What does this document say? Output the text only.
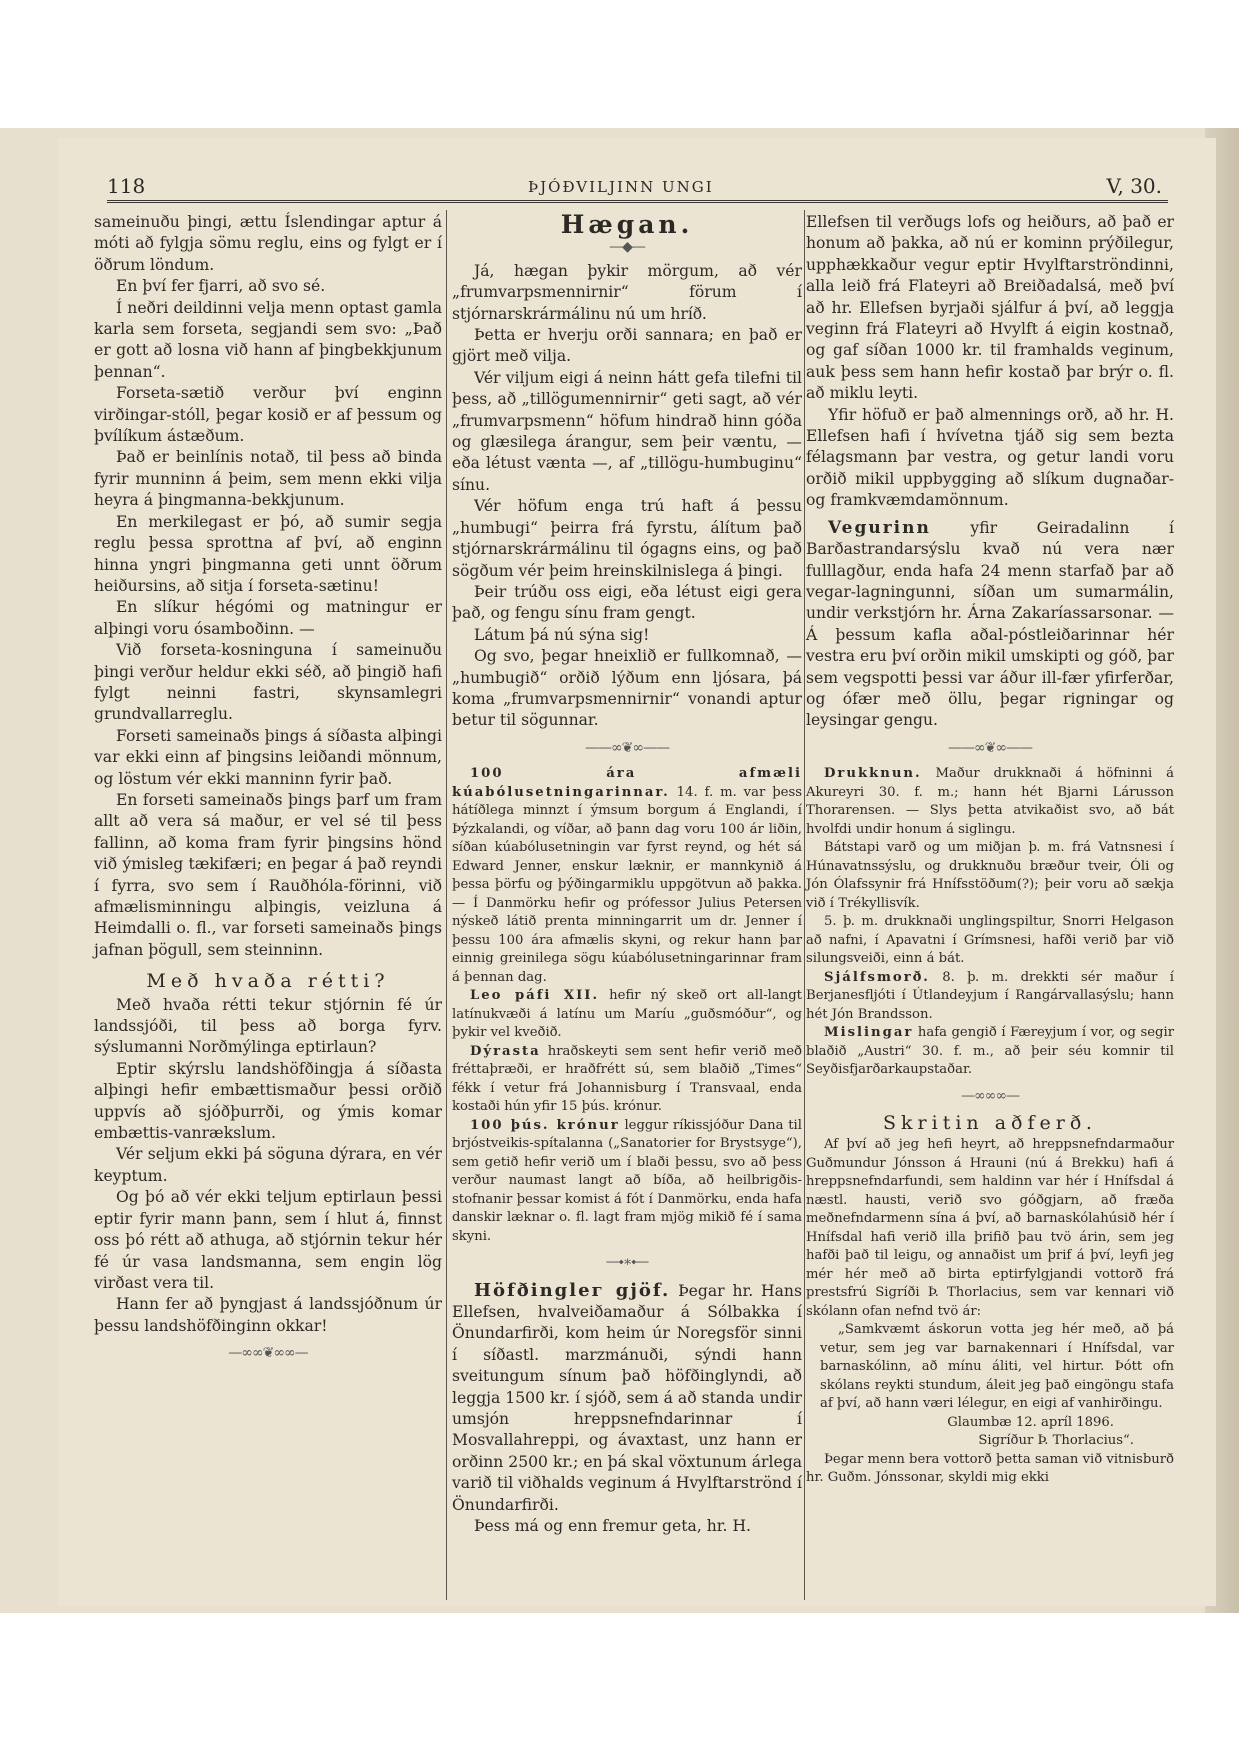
118	ÞJÓÐVILJINN UNGI	V, 30.

sameinuðu þingi, ættu Íslendingar aptur á móti að fylgja sömu reglu, eins og fylgt er í öðrum löndum.

En því fer fjarri, að svo sé.

Í neðri deildinni velja menn optast gamla karla sem forseta, segjandi sem svo: „Það er gott að losna við hann af þingbekkjunum þennan“.

Forseta-sætið verður því enginn virðingar-stóll, þegar kosið er af þessum og þvílíkum ástæðum.

Það er beinlínis notað, til þess að binda fyrir munninn á þeim, sem menn ekki vilja heyra á þingmanna-bekkjunum.

En merkilegast er þó, að sumir segja reglu þessa sprottna af því, að enginn hinna yngri þingmanna geti unnt öðrum heiðursins, að sitja í forseta-sætinu!

En slíkur hégómi og matningur er alþingi voru ósamboðinn. —

Við forseta-kosninguna í sameinuðu þingi verður heldur ekki séð, að þingið hafi fylgt neinni fastri, skynsamlegri grundvallarreglu.

Forseti sameinaðs þings á síðasta alþingi var ekki einn af þingsins leiðandi mönnum, og löstum vér ekki manninn fyrir það.

En forseti sameinaðs þings þarf um fram allt að vera sá maður, er vel sé til þess fallinn, að koma fram fyrir þingsins hönd við ýmisleg tækifæri; en þegar á það reyndi í fyrra, svo sem í Rauðhóla-förinni, við afmælisminningu alþingis, veizluna á Heimdalli o. fl., var forseti sameinaðs þings jafnan þögull, sem steinninn.

Með hvaða rétti?

Með hvaða rétti tekur stjórnin fé úr landssjóði, til þess að borga fyrv. sýslumanni Norðmýlinga eptirlaun?

Eptir skýrslu landshöfðingja á síðasta alþingi hefir embættismaður þessi orðið uppvís að sjóðþurrði, og ýmis komar embættis-vanrækslum.

Vér seljum ekki þá söguna dýrara, en vér keyptum.

Og þó að vér ekki teljum eptirlaun þessi eptir fyrir mann þann, sem í hlut á, finnst oss þó rétt að athuga, að stjórnin tekur hér fé úr vasa landsmanna, sem engin lög virðast vera til.

Hann fer að þyngjast á landssjóðnum úr þessu landshöfðinginn okkar!

—∞∞❦∞∞—
Hægan.
—◆—

Já, hægan þykir mörgum, að vér „frumvarpsmennirnir“ förum í stjórnarskrármálinu nú um hríð.

Þetta er hverju orði sannara; en það er gjört með vilja.

Vér viljum eigi á neinn hátt gefa tilefni til þess, að „tillögumennirnir“ geti sagt, að vér „frumvarpsmenn“ höfum hindrað hinn góða og glæsilega árangur, sem þeir væntu, — eða létust vænta —, af „tillögu-humbuginu“ sínu.

Vér höfum enga trú haft á þessu „humbugi“ þeirra frá fyrstu, álítum það stjórnarskrármálinu til ógagns eins, og það sögðum vér þeim hreinskilnislega á þingi.

Þeir trúðu oss eigi, eða létust eigi gera það, og fengu sínu fram gengt.

Látum þá nú sýna sig!

Og svo, þegar hneixlið er fullkomnað, — „humbugið“ orðið lýðum enn ljósara, þá koma „frumvarpsmennirnir“ vonandi aptur betur til sögunnar.

——∞❦∞——

100 ára afmæli kúabólusetningarinnar. 14. f. m. var þess hátíðlega minnzt í ýmsum borgum á Englandi, í Þýzkalandi, og víðar, að þann dag voru 100 ár liðin, síðan kúabólusetningin var fyrst reynd, og hét sá Edward Jenner, enskur læknir, er mannkynið á þessa þörfu og þýðingarmiklu uppgötvun að þakka. — Í Danmörku hefir og prófessor Julius Petersen nýskeð látið prenta minningarrit um dr. Jenner í þessu 100 ára afmælis skyni, og rekur hann þar einnig greinilega sögu kúabólusetningarinnar fram á þennan dag.

Leo páfi XII. hefir ný skeð ort all-langt latínukvæði á latínu um Maríu „guðsmóður“, og þykir vel kveðið.

Dýrasta hraðskeyti sem sent hefir verið með fréttaþræði, er hraðfrétt sú, sem blaðið „Times“ fékk í vetur frá Johannisburg í Transvaal, enda kostaði hún yfir 15 þús. krónur.

100 þús. krónur leggur ríkissjóður Dana til brjóstveikis-spítalanna („Sanatorier for Brystsyge“), sem getið hefir verið um í blaði þessu, svo að þess verður naumast langt að bíða, að heilbrigðis-stofnanir þessar komist á fót í Danmörku, enda hafa danskir læknar o. fl. lagt fram mjög mikið fé í sama skyni.

—⬩∗⬩—

Höfðinglег gjöf. Þegar hr. Hans Ellefsen, hvalveiðamaður á Sólbakka í Önundarfirði, kom heim úr Noregsför sinni í síðastl. marzmánuði, sýndi hann sveitungum sínum það höfðinglyndi, að leggja 1500 kr. í sjóð, sem á að standa undir umsjón hreppsnefndarinnar í Mosvallahreppi, og ávaxtast, unz hann er orðinn 2500 kr.; en þá skal vöxtunum árlega varið til viðhalds veginum á Hvylftarströnd í Önundarfirði.

Þess má og enn fremur geta, hr. H.

Ellefsen til verðugs lofs og heiðurs, að það er honum að þakka, að nú er kominn prýðilegur, upphækkaður vegur eptir Hvylftarströndinni, alla leið frá Flateyri að Breiðadalsá, með því að hr. Ellefsen byrjaði sjálfur á því, að leggja veginn frá Flateyri að Hvylft á eigin kostnað, og gaf síðan 1000 kr. til framhalds veginum, auk þess sem hann hefir kostað þar brýr o. fl. að miklu leyti.

Yfir höfuð er það almennings orð, að hr. H. Ellefsen hafi í hvívetna tjáð sig sem bezta félagsmann þar vestra, og getur landi voru orðið mikil uppbygging að slíkum dugnaðar- og framkvæmdamönnum.

Vegurinn yfir Geiradalinn í Barðastrandarsýslu kvað nú vera nær fulllagður, enda hafa 24 menn starfað þar að vegar-lagningunni, síðan um sumarmálin, undir verkstjórn hr. Árna Zakaríassarsonar. — Á þessum kafla aðal-póstleiðarinnar hér vestra eru því orðin mikil umskipti og góð, þar sem vegspotti þessi var áður ill-fær yfirferðar, og ófær með öllu, þegar rigningar og leysingar gengu.

——∞❦∞——

Drukknun. Maður drukknaði á höfninni á Akureyri 30. f. m.; hann hét Bjarni Lárusson Thorarensen. — Slys þetta atvikaðist svo, að bát hvolfdi undir honum á siglingu.

Bátstapi varð og um miðjan þ. m. frá Vatnsnesi í Húnavatnssýslu, og drukknuðu bræður tveir, Óli og Jón Ólafssynir frá Hnífsstöðum(?); þeir voru að sækja við í Trékyllisvík.

5. þ. m. drukknaði unglingspiltur, Snorri Helgason að nafni, í Apavatni í Grímsnesi, hafði verið þar við silungsveiði, einn á bát.

Sjálfsmorð. 8. þ. m. drekkti sér maður í Berjanesfljóti í Útlandeyjum í Rangárvallasýslu; hann hét Jón Brandsson.

Mislingar hafa gengið í Færeyjum í vor, og segir blaðið „Austri“ 30. f. m., að þeir séu komnir til Seyðisfjarðarkaupstaðar.

—∞∞∞—
Skritin aðferð.

Af því að jeg hefi heyrt, að hreppsnefndarmaður Guðmundur Jónsson á Hrauni (nú á Brekku) hafi á hreppsnefndarfundi, sem haldinn var hér í Hnífsdal á næstl. hausti, verið svo góðgjarn, að fræða meðnefndarmenn sína á því, að barnaskólahúsið hér í Hnífsdal hafi verið illa þrifið þau tvö árin, sem jeg hafði það til leigu, og annaðist um þrif á því, leyfi jeg mér hér með að birta eptirfylgjandi vottorð frá prestsfrú Sigríði Þ. Thorlacius, sem var kennari við skólann ofan nefnd tvö ár:

„Samkvæmt áskorun votta jeg hér með, að þá vetur, sem jeg var barnakennari í Hnífsdal, var barnaskólinn, að mínu áliti, vel hirtur. Þótt ofn skólans reykti stundum, áleit jeg það eingöngu stafa af því, að hann væri lélegur, en eigi af vanhirðingu.

Glaumbæ 12. apríl 1896.

Sigríður Þ. Thorlacius“.

Þegar menn bera vottorð þetta saman við vitnisburð hr. Guðm. Jónssonar, skyldi mig ekki
